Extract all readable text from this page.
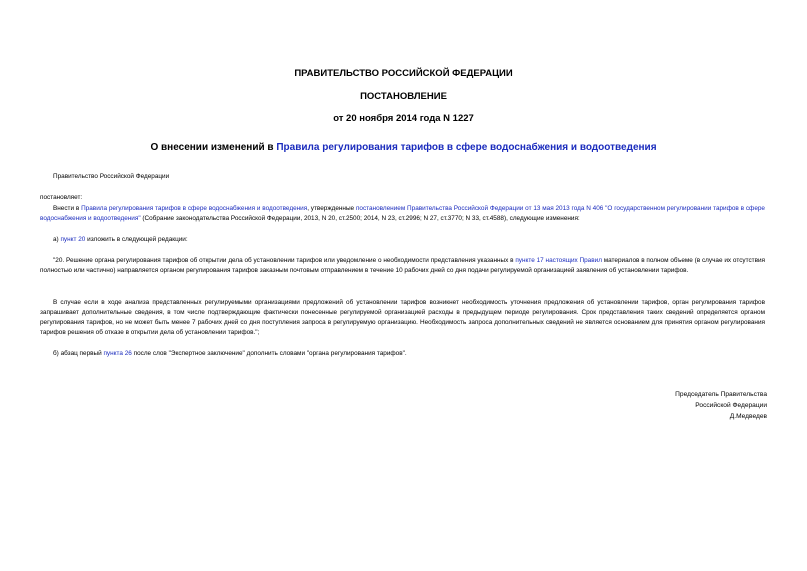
ПРАВИТЕЛЬСТВО РОССИЙСКОЙ ФЕДЕРАЦИИ
ПОСТАНОВЛЕНИЕ
от 20 ноября 2014 года N 1227
О внесении изменений в Правила регулирования тарифов в сфере водоснабжения и водоотведения
Правительство Российской Федерации
постановляет:
Внести в Правила регулирования тарифов в сфере водоснабжения и водоотведения, утвержденные постановлением Правительства Российской Федерации от 13 мая 2013 года N 406 "О государственном регулировании тарифов в сфере водоснабжения и водоотведения" (Собрание законодательства Российской Федерации, 2013, N 20, ст.2500; 2014, N 23, ст.2996; N 27, ст.3770; N 33, ст.4588), следующие изменения:
а) пункт 20 изложить в следующей редакции:
"20. Решение органа регулирования тарифов об открытии дела об установлении тарифов или уведомление о необходимости представления указанных в пункте 17 настоящих Правил материалов в полном объеме (в случае их отсутствия полностью или частично) направляется органом регулирования тарифов заказным почтовым отправлением в течение 10 рабочих дней со дня подачи регулируемой организацией заявления об установлении тарифов.
В случае если в ходе анализа представленных регулируемыми организациями предложений об установлении тарифов возникнет необходимость уточнения предложения об установлении тарифов, орган регулирования тарифов запрашивает дополнительные сведения, в том числе подтверждающие фактически понесенные регулируемой организацией расходы в предыдущем периоде регулирования. Срок представления таких сведений определяется органом регулирования тарифов, но не может быть менее 7 рабочих дней со дня поступления запроса в регулируемую организацию. Необходимость запроса дополнительных сведений не является основанием для принятия органом регулирования тарифов решения об отказе в открытии дела об установлении тарифов.";
б) абзац первый пункта 26 после слов "Экспертное заключение" дополнить словами "органа регулирования тарифов".
Председатель Правительства
Российской Федерации
Д.Медведев
